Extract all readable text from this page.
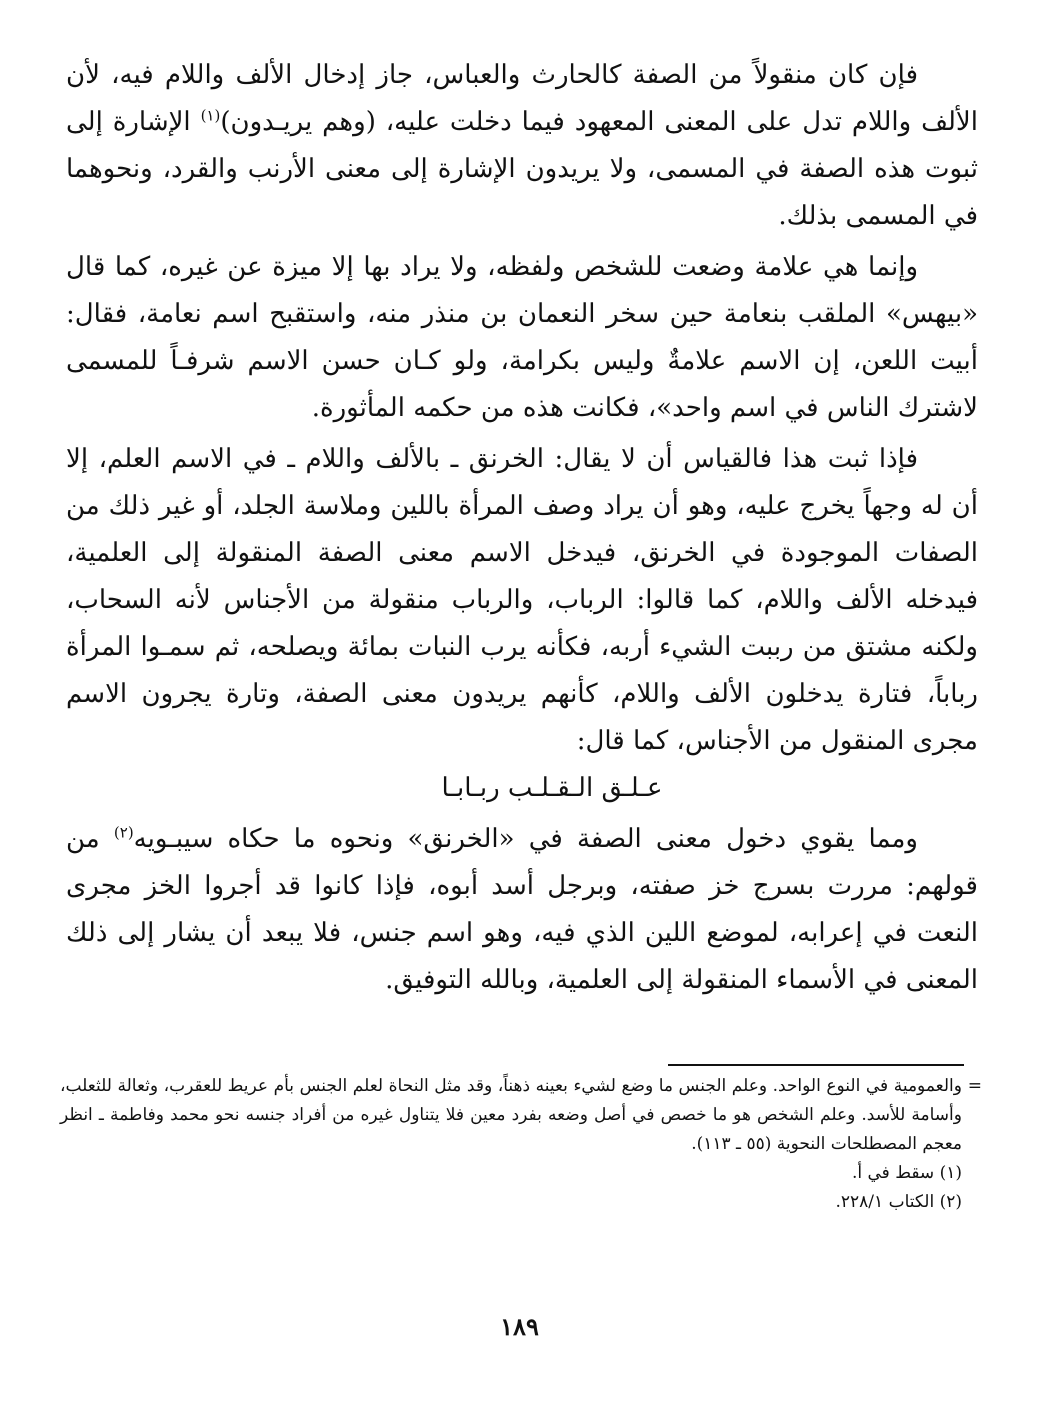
فإن كان منقولاً من الصفة كالحارث والعباس، جاز إدخال الألف واللام فيه، لأن الألف واللام تدل على المعنى المعهود فيما دخلت عليه، (وهم يريـدون)$^{(١)}$ الإشارة إلى ثبوت هذه الصفة في المسمى، ولا يريدون الإشارة إلى معنى الأرنب والقرد، ونحوهما في المسمى بذلك.

وإنما هي علامة وضعت للشخص ولفظه، ولا يراد بها إلا ميزة عن غيره، كما قال «بيهس» الملقب بنعامة حين سخر النعمان بن منذر منه، واستقبح اسم نعامة، فقال: أبيت اللعن، إن الاسم علامةٌ وليس بكرامة، ولو كـان حسن الاسم شرفـاً للمسمى لاشترك الناس في اسم واحد»، فكانت هذه من حكمه المأثورة.

فإذا ثبت هذا فالقياس أن لا يقال: الخرنق ـ بالألف واللام ـ في الاسم العلم، إلا أن له وجهاً يخرج عليه، وهو أن يراد وصف المرأة باللين وملاسة الجلد، أو غير ذلك من الصفات الموجودة في الخرنق، فيدخل الاسم معنى الصفة المنقولة إلى العلمية، فيدخله الألف واللام، كما قالوا: الرباب، والرباب منقولة من الأجناس لأنه السحاب، ولكنه مشتق من رببت الشيء أربه، فكأنه يرب النبات بمائة ويصلحه، ثم سمـوا المرأة رباباً، فتارة يدخلون الألف واللام، كأنهم يريدون معنى الصفة، وتارة يجرون الاسم مجرى المنقول من الأجناس، كما قال:

عـلـق الـقـلـب ربـابـا

ومما يقوي دخول معنى الصفة في «الخرنق» ونحوه ما حكاه سيبـويه$^{(٢)}$ من قولهم: مررت بسرج خز صفته، وبرجل أسد أبوه، فإذا كانوا قد أجروا الخز مجرى النعت في إعرابه، لموضع اللين الذي فيه، وهو اسم جنس، فلا يبعد أن يشار إلى ذلك المعنى في الأسماء المنقولة إلى العلمية، وبالله التوفيق.

=
والعمومية في النوع الواحد. وعلم الجنس ما وضع لشيء بعينه ذهناً، وقد مثل النحاة لعلم الجنس بأم عريط للعقرب، وثعالة للثعلب، وأسامة للأسد. وعلم الشخص هو ما خصص في أصل وضعه بفرد معين فلا يتناول غيره من أفراد جنسه نحو محمد وفاطمة ـ انظر معجم المصطلحات النحوية (٥٥ ـ ١١٣).

(١) سقط في أ.

(٢) الكتاب ٢٢٨/١.

١٨٩
